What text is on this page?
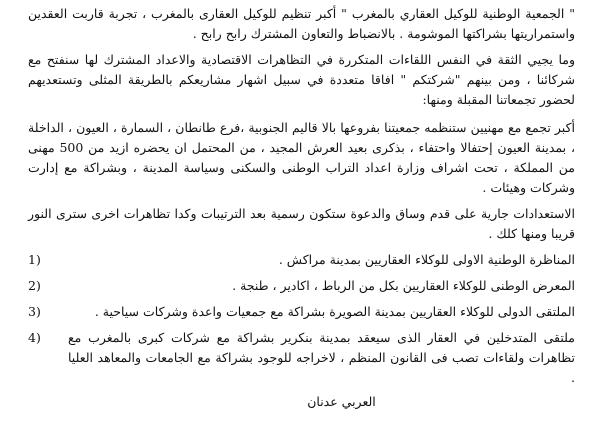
" الجمعية الوطنية للوكيل العقاري بالمغرب " أكبر تنظيم للوكيل العقارى بالمغرب ، تجربة قاربت العقدين واستمراريتها بشراكتها الموشومة . بالانضباط والتعاون المشترك رابح رابح .

وما يجيي الثقة في النفس اللقاءات المتكررة في التظاهرات الاقتصادية والاعداد المشترك لها سنفتح مع شركائنا ، ومن بينهم "شركتكم " افاقا متعددة في سبيل اشهار مشاريعكم بالطريقة المثلى وتستعديهم لحضور تجمعاتنا المقبلة ومنها:

أكبر تجمع مع مهنيين ستنظمه جمعيتنا بفروعها بالا قاليم الجنوبية ،فرع طانطان ، السمارة ، العيون ، الداخلة ، بمدينة العيون إحتفالا واحتفاء ، بذكرى بعيد العرش المجيد ، من المحتمل ان يحضره ازيد من 500 مهنى من المملكة ، تحت اشراف وزارة اعداد التراب الوطنى والسكنى وسياسة المدينة ، وبشراكة مع إدارت وشركات وهيئات .

الاستعدادات جارية على قدم وساق والدعوة ستكون رسمية بعد الترتيبات وكدا تظاهرات اخرى سترى النور قريبا ومنها كلك .

المناظرة الوطنية الاولى للوكلاء العقاريين بمدينة مراكش .
1)
المعرض الوطنى للوكلاء العقاريين بكل من الرباط ، اكادير ، طنجة .
2)
الملتقى الدولى للوكلاء العقاريين بمدينة الصويرة بشراكة مع جمعيات واعدة وشركات سياحية .
3)
ملتقى المتدخلين في العقار الذى سيعقد بمدينة بنكرير بشراكة مع شركات كبرى بالمغرب مع تظاهرات ولقاءات تصب فى القانون المنظم ، لاخراجه للوجود بشراكة مع الجامعات والمعاهد العليا .
4)
العربي عدنان
